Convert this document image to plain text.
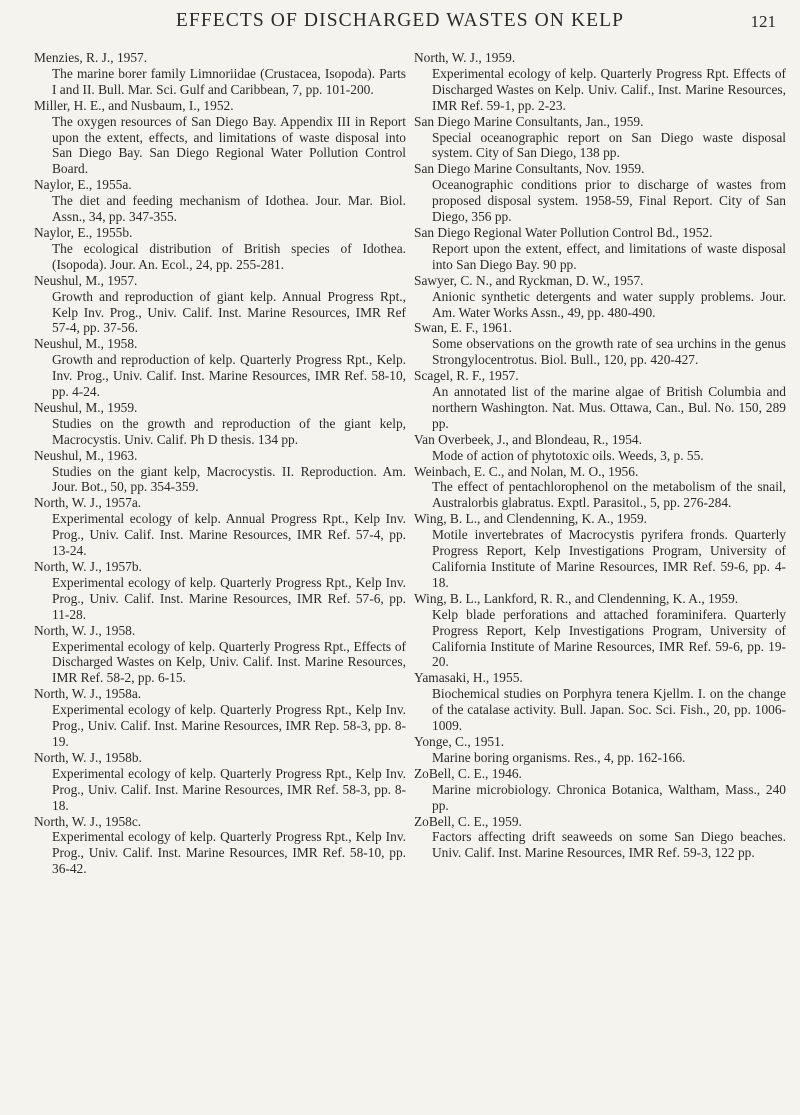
EFFECTS OF DISCHARGED WASTES ON KELP	121
Menzies, R. J., 1957.
The marine borer family Limnoriidae (Crustacea, Isopoda). Parts I and II. Bull. Mar. Sci. Gulf and Caribbean, 7, pp. 101-200.
Miller, H. E., and Nusbaum, I., 1952.
The oxygen resources of San Diego Bay. Appendix III in Report upon the extent, effects, and limitations of waste disposal into San Diego Bay. San Diego Regional Water Pollution Control Board.
Naylor, E., 1955a.
The diet and feeding mechanism of Idothea. Jour. Mar. Biol. Assn., 34, pp. 347-355.
Naylor, E., 1955b.
The ecological distribution of British species of Idothea. (Isopoda). Jour. An. Ecol., 24, pp. 255-281.
Neushul, M., 1957.
Growth and reproduction of giant kelp. Annual Progress Rpt., Kelp Inv. Prog., Univ. Calif. Inst. Marine Resources, IMR Ref 57-4, pp. 37-56.
Neushul, M., 1958.
Growth and reproduction of kelp. Quarterly Progress Rpt., Kelp. Inv. Prog., Univ. Calif. Inst. Marine Resources, IMR Ref. 58-10, pp. 4-24.
Neushul, M., 1959.
Studies on the growth and reproduction of the giant kelp, Macrocystis. Univ. Calif. Ph D thesis. 134 pp.
Neushul, M., 1963.
Studies on the giant kelp, Macrocystis. II. Reproduction. Am. Jour. Bot., 50, pp. 354-359.
North, W. J., 1957a.
Experimental ecology of kelp. Annual Progress Rpt., Kelp Inv. Prog., Univ. Calif. Inst. Marine Resources, IMR Ref. 57-4, pp. 13-24.
North, W. J., 1957b.
Experimental ecology of kelp. Quarterly Progress Rpt., Kelp Inv. Prog., Univ. Calif. Inst. Marine Resources, IMR Ref. 57-6, pp. 11-28.
North, W. J., 1958.
Experimental ecology of kelp. Quarterly Progress Rpt., Effects of Discharged Wastes on Kelp, Univ. Calif. Inst. Marine Resources, IMR Ref. 58-2, pp. 6-15.
North, W. J., 1958a.
Experimental ecology of kelp. Quarterly Progress Rpt., Kelp Inv. Prog., Univ. Calif. Inst. Marine Resources, IMR Rep. 58-3, pp. 8-19.
North, W. J., 1958b.
Experimental ecology of kelp. Quarterly Progress Rpt., Kelp Inv. Prog., Univ. Calif. Inst. Marine Resources, IMR Ref. 58-3, pp. 8-18.
North, W. J., 1958c.
Experimental ecology of kelp. Quarterly Progress Rpt., Kelp Inv. Prog., Univ. Calif. Inst. Marine Resources, IMR Ref. 58-10, pp. 36-42.
North, W. J., 1959.
Experimental ecology of kelp. Quarterly Progress Rpt. Effects of Discharged Wastes on Kelp. Univ. Calif., Inst. Marine Resources, IMR Ref. 59-1, pp. 2-23.
San Diego Marine Consultants, Jan., 1959.
Special oceanographic report on San Diego waste disposal system. City of San Diego, 138 pp.
San Diego Marine Consultants, Nov. 1959.
Oceanographic conditions prior to discharge of wastes from proposed disposal system. 1958-59, Final Report. City of San Diego, 356 pp.
San Diego Regional Water Pollution Control Bd., 1952.
Report upon the extent, effect, and limitations of waste disposal into San Diego Bay. 90 pp.
Sawyer, C. N., and Ryckman, D. W., 1957.
Anionic synthetic detergents and water supply problems. Jour. Am. Water Works Assn., 49, pp. 480-490.
Swan, E. F., 1961.
Some observations on the growth rate of sea urchins in the genus Strongylocentrotus. Biol. Bull., 120, pp. 420-427.
Scagel, R. F., 1957.
An annotated list of the marine algae of British Columbia and northern Washington. Nat. Mus. Ottawa, Can., Bul. No. 150, 289 pp.
Van Overbeek, J., and Blondeau, R., 1954.
Mode of action of phytotoxic oils. Weeds, 3, p. 55.
Weinbach, E. C., and Nolan, M. O., 1956.
The effect of pentachlorophenol on the metabolism of the snail, Australorbis glabratus. Exptl. Parasitol., 5, pp. 276-284.
Wing, B. L., and Clendenning, K. A., 1959.
Motile invertebrates of Macrocystis pyrifera fronds. Quarterly Progress Report, Kelp Investigations Program, University of California Institute of Marine Resources, IMR Ref. 59-6, pp. 4-18.
Wing, B. L., Lankford, R. R., and Clendenning, K. A., 1959.
Kelp blade perforations and attached foraminifera. Quarterly Progress Report, Kelp Investigations Program, University of California Institute of Marine Resources, IMR Ref. 59-6, pp. 19-20.
Yamasaki, H., 1955.
Biochemical studies on Porphyra tenera Kjellm. I. on the change of the catalase activity. Bull. Japan. Soc. Sci. Fish., 20, pp. 1006-1009.
Yonge, C., 1951.
Marine boring organisms. Res., 4, pp. 162-166.
ZoBell, C. E., 1946.
Marine microbiology. Chronica Botanica, Waltham, Mass., 240 pp.
ZoBell, C. E., 1959.
Factors affecting drift seaweeds on some San Diego beaches. Univ. Calif. Inst. Marine Resources, IMR Ref. 59-3, 122 pp.
